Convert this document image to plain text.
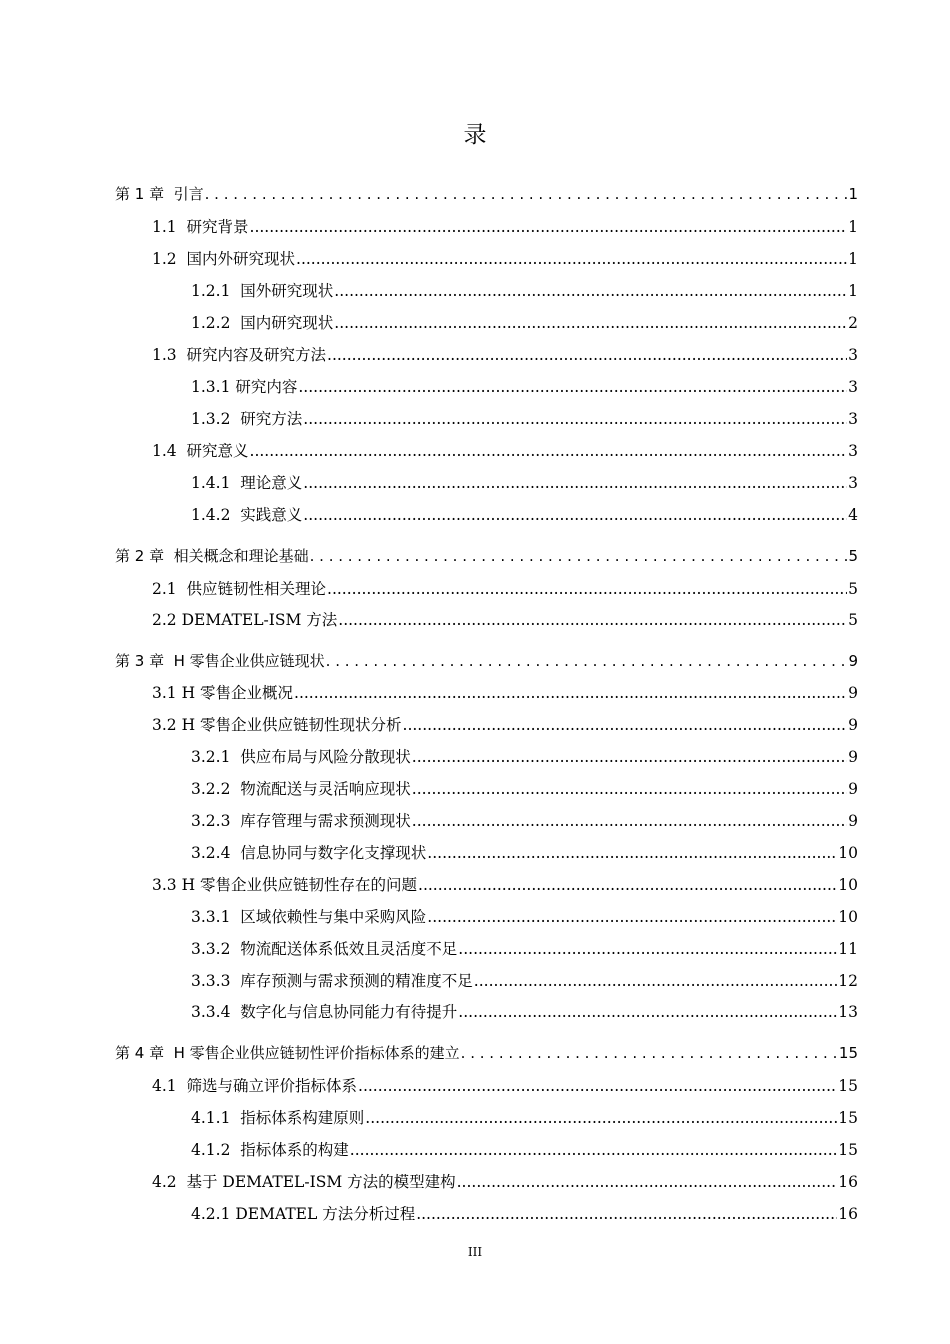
录
第 1 章  引言 . . .	1
1.1  研究背景 .....	1
1.2  国内外研究现状 .....	1
1.2.1  国外研究现状 .....	1
1.2.2  国内研究现状 .....	2
1.3  研究内容及研究方法 .....	3
1.3.1 研究内容 .....	3
1.3.2  研究方法 .....	3
1.4  研究意义 .....	3
1.4.1  理论意义 .....	3
1.4.2  实践意义 .....	4
第 2 章  相关概念和理论基础 . . .	5
2.1  供应链韧性相关理论 .....	5
2.2 DEMATEL-ISM 方法 .....	5
第 3 章  H 零售企业供应链现状 . . .	9
3.1 H 零售企业概况 .....	9
3.2 H 零售企业供应链韧性现状分析 .....	9
3.2.1  供应布局与风险分散现状 .....	9
3.2.2  物流配送与灵活响应现状 .....	9
3.2.3  库存管理与需求预测现状 .....	9
3.2.4  信息协同与数字化支撑现状 .....	10
3.3 H 零售企业供应链韧性存在的问题 .....	10
3.3.1  区域依赖性与集中采购风险 .....	10
3.3.2  物流配送体系低效且灵活度不足 .....	11
3.3.3  库存预测与需求预测的精准度不足 .....	12
3.3.4  数字化与信息协同能力有待提升 .....	13
第 4 章  H 零售企业供应链韧性评价指标体系的建立 . . .	15
4.1  筛选与确立评价指标体系 .....	15
4.1.1  指标体系构建原则 .....	15
4.1.2  指标体系的构建 .....	15
4.2  基于 DEMATEL-ISM 方法的模型建构 .....	16
4.2.1 DEMATEL 方法分析过程 .....	16
III
